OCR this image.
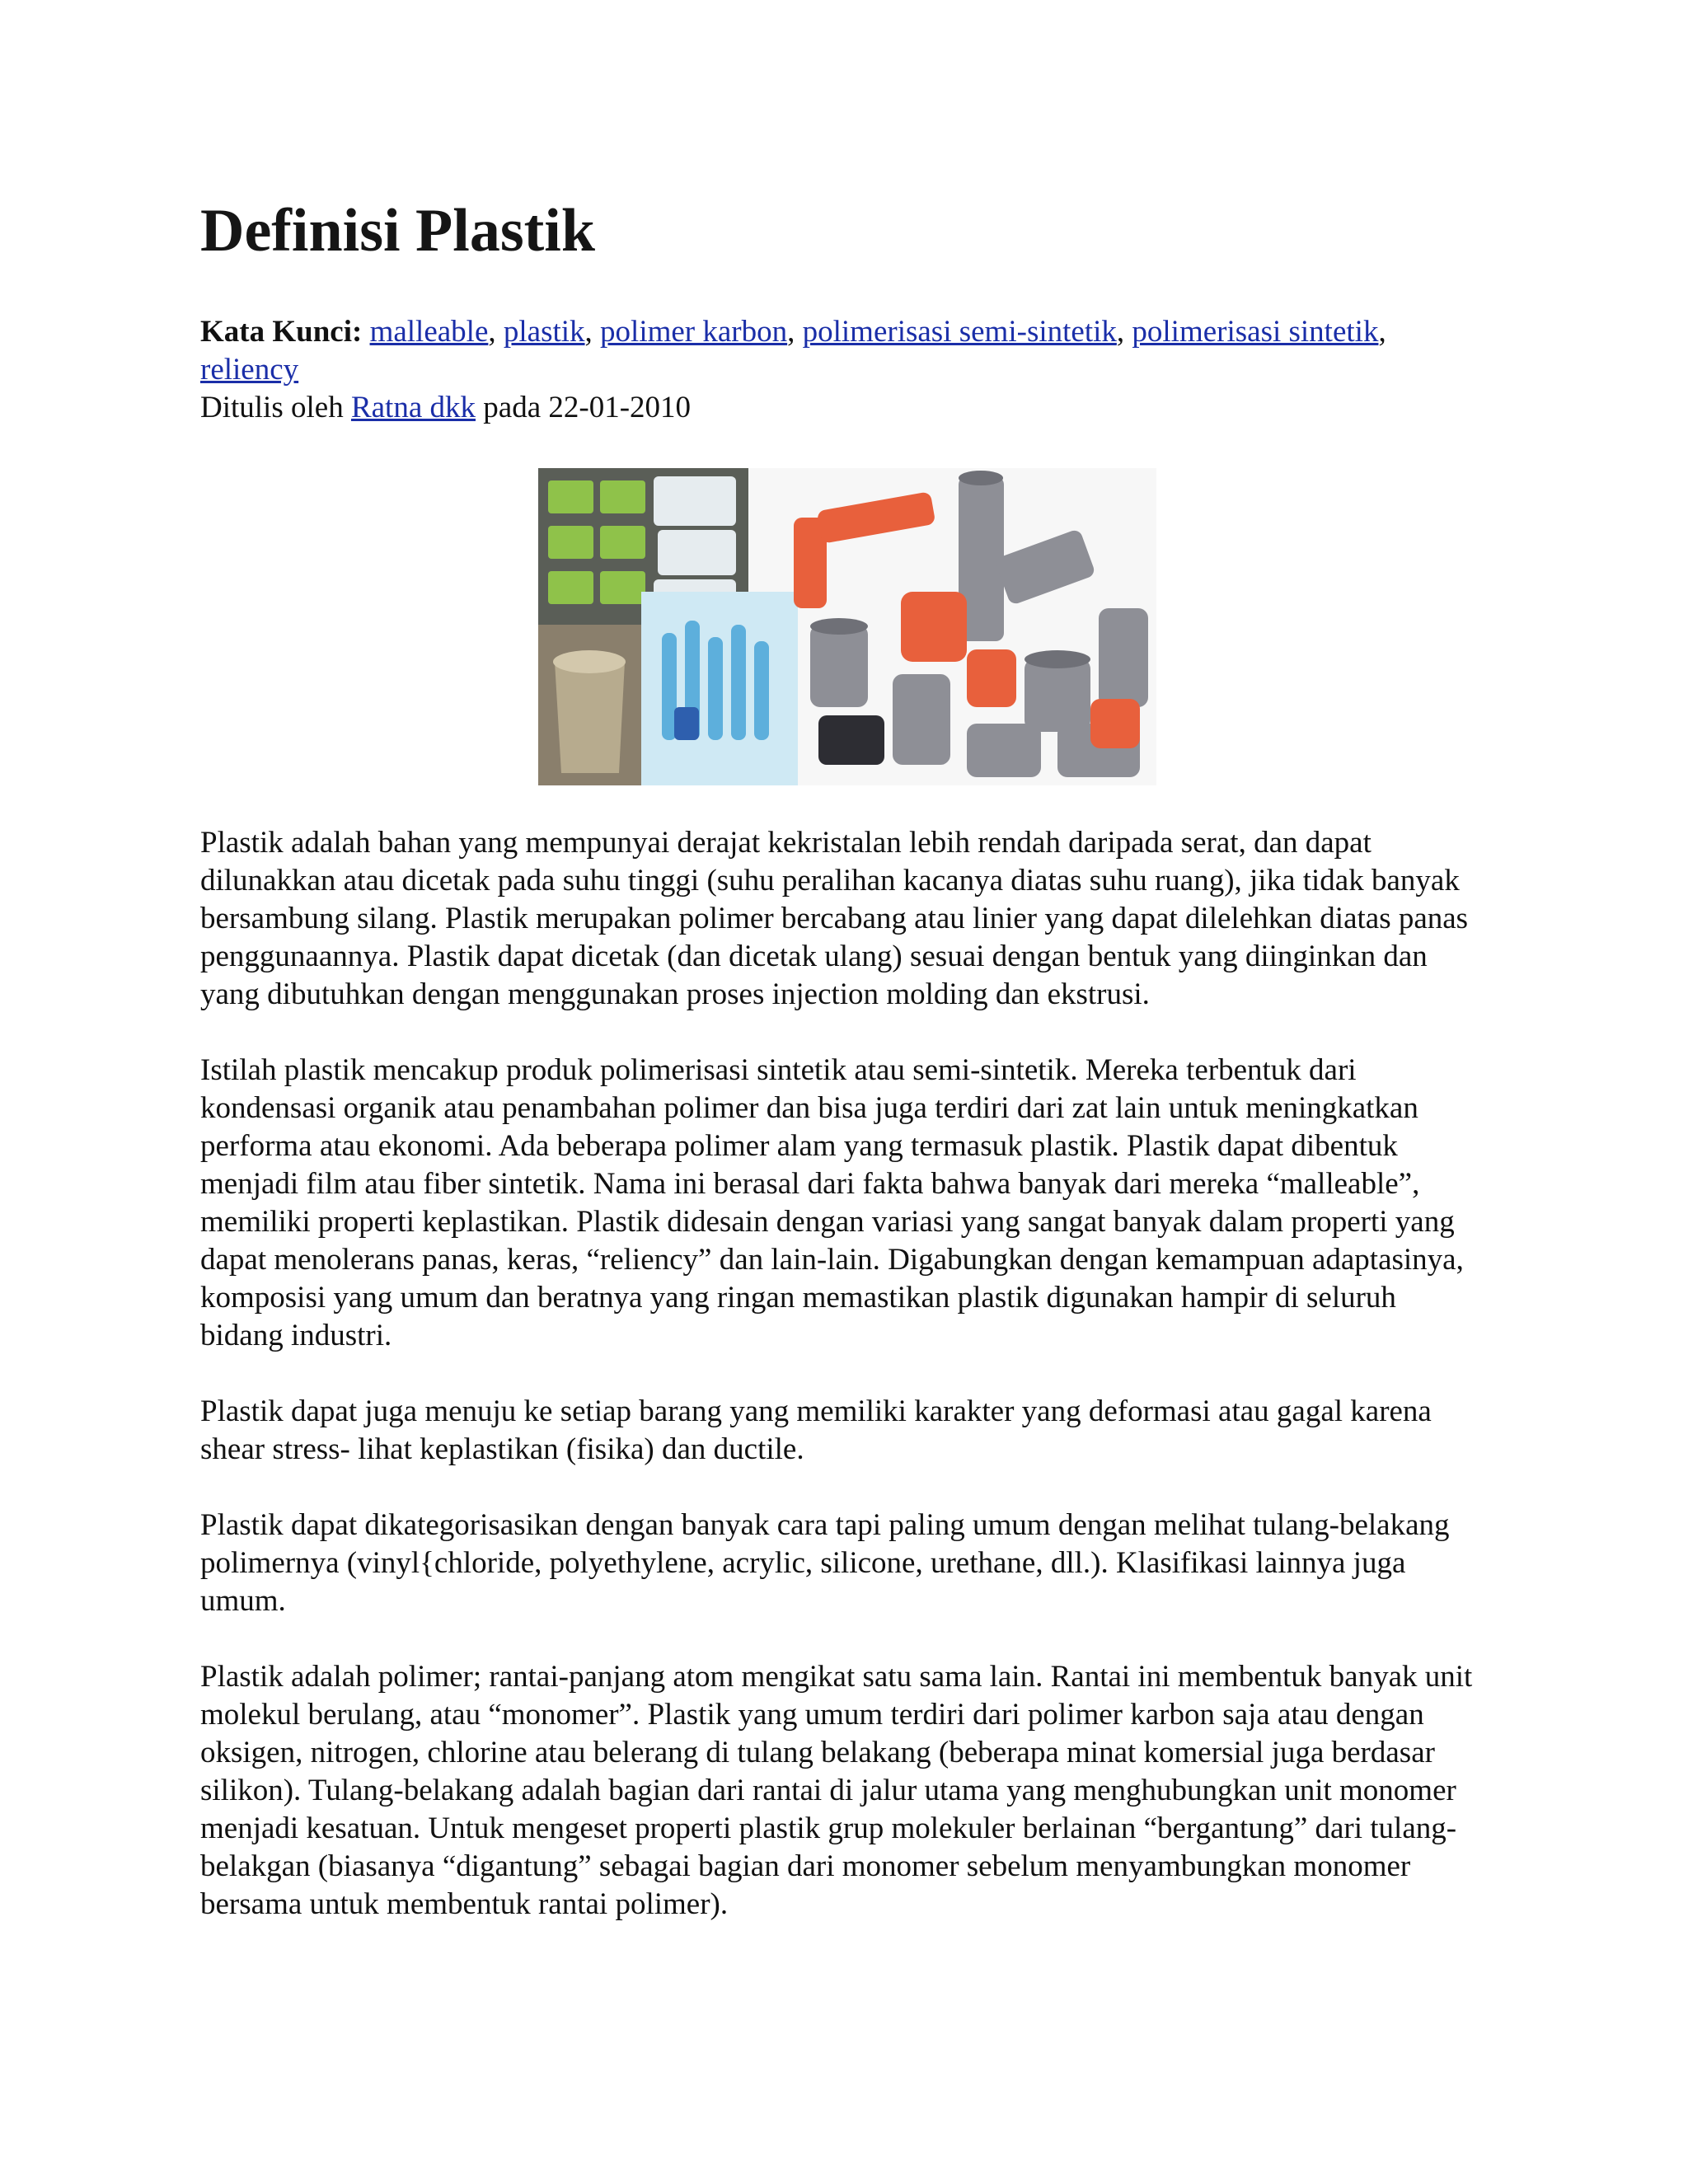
Definisi Plastik
Kata Kunci: malleable, plastik, polimer karbon, polimerisasi semi-sintetik, polimerisasi sintetik, reliency
Ditulis oleh Ratna dkk pada 22-01-2010

Plastik adalah bahan yang mempunyai derajat kekristalan lebih rendah daripada serat, dan dapat dilunakkan atau dicetak pada suhu tinggi (suhu peralihan kacanya diatas suhu ruang), jika tidak banyak bersambung silang. Plastik merupakan polimer bercabang atau linier yang dapat dilelehkan diatas panas penggunaannya. Plastik dapat dicetak (dan dicetak ulang) sesuai dengan bentuk yang diinginkan dan yang dibutuhkan dengan menggunakan proses injection molding dan ekstrusi.

Istilah plastik mencakup produk polimerisasi sintetik atau semi-sintetik. Mereka terbentuk dari kondensasi organik atau penambahan polimer dan bisa juga terdiri dari zat lain untuk meningkatkan performa atau ekonomi. Ada beberapa polimer alam yang termasuk plastik. Plastik dapat dibentuk menjadi film atau fiber sintetik. Nama ini berasal dari fakta bahwa banyak dari mereka “malleable”, memiliki properti keplastikan. Plastik didesain dengan variasi yang sangat banyak dalam properti yang dapat menolerans panas, keras, “reliency” dan lain-lain. Digabungkan dengan kemampuan adaptasinya, komposisi yang umum dan beratnya yang ringan memastikan plastik digunakan hampir di seluruh bidang industri.

Plastik dapat juga menuju ke setiap barang yang memiliki karakter yang deformasi atau gagal karena shear stress- lihat keplastikan (fisika) dan ductile.

Plastik dapat dikategorisasikan dengan banyak cara tapi paling umum dengan melihat tulang-belakang polimernya (vinyl{chloride, polyethylene, acrylic, silicone, urethane, dll.). Klasifikasi lainnya juga umum.

Plastik adalah polimer; rantai-panjang atom mengikat satu sama lain. Rantai ini membentuk banyak unit molekul berulang, atau “monomer”. Plastik yang umum terdiri dari polimer karbon saja atau dengan oksigen, nitrogen, chlorine atau belerang di tulang belakang (beberapa minat komersial juga berdasar silikon). Tulang-belakang adalah bagian dari rantai di jalur utama yang menghubungkan unit monomer menjadi kesatuan. Untuk mengeset properti plastik grup molekuler berlainan “bergantung” dari tulang-belakgan (biasanya “digantung” sebagai bagian dari monomer sebelum menyambungkan monomer bersama untuk membentuk rantai polimer).
